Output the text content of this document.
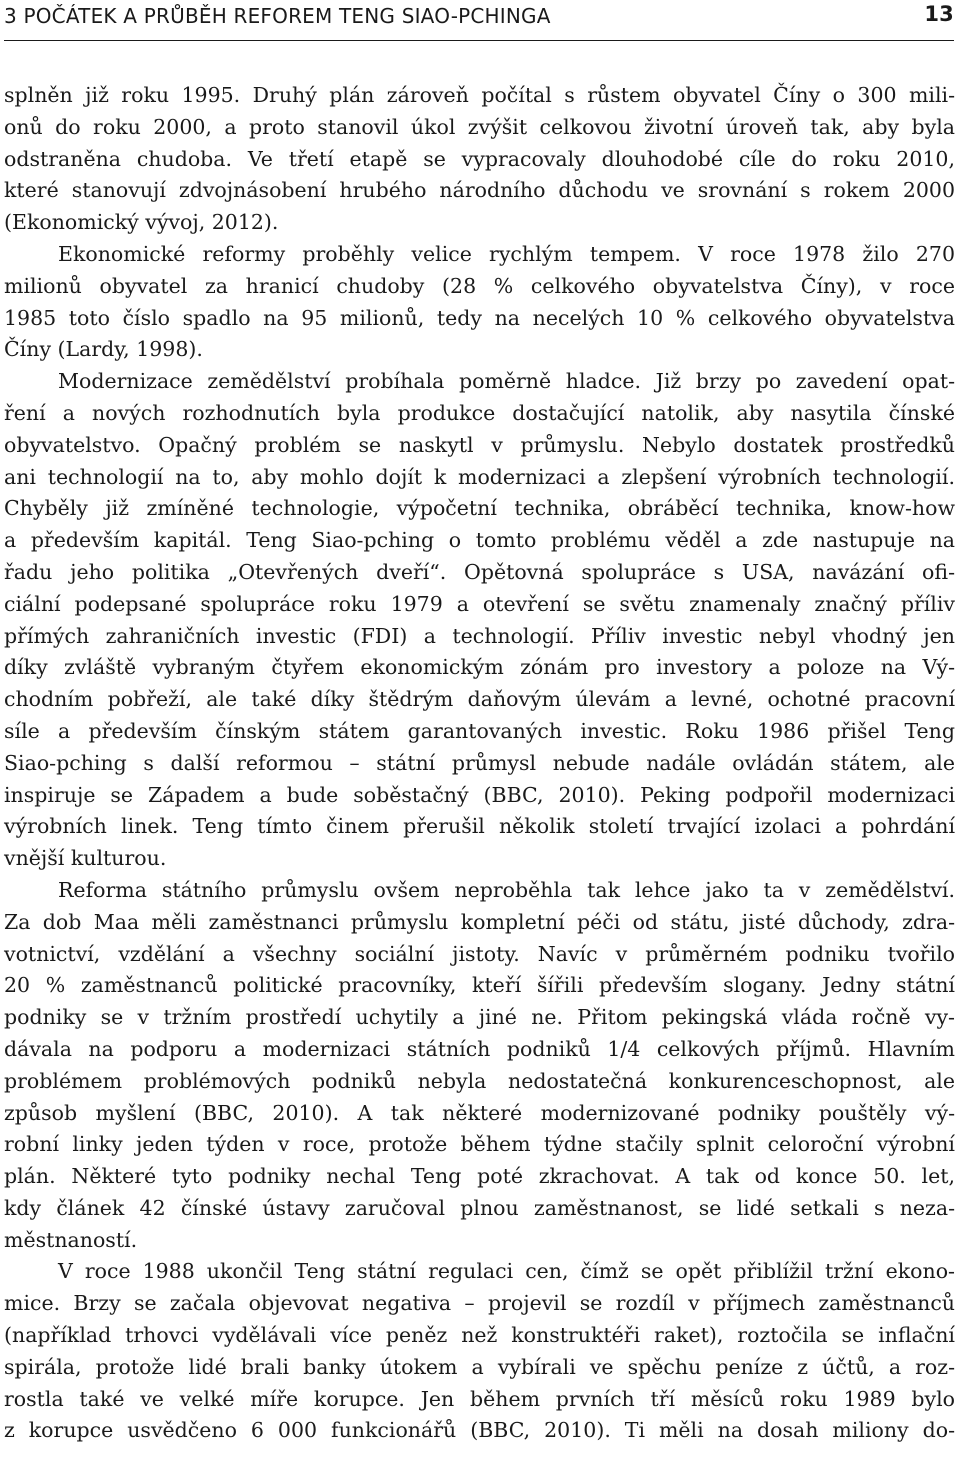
3 POČÁTEK A PRŮBĚH REFOREM TENG SIAO-PCHINGA	13
splněn již roku 1995. Druhý plán zároveň počítal s růstem obyvatel Číny o 300 mili-
onů do roku 2000, a proto stanovil úkol zvýšit celkovou životní úroveň tak, aby byla
odstraněna chudoba. Ve třetí etapě se vypracovaly dlouhodobé cíle do roku 2010,
které stanovují zdvojnásobení hrubého národního důchodu ve srovnání s rokem 2000
(Ekonomický vývoj, 2012).
Ekonomické reformy proběhly velice rychlým tempem. V roce 1978 žilo 270
milionů obyvatel za hranicí chudoby (28 % celkového obyvatelstva Číny), v roce
1985 toto číslo spadlo na 95 milionů, tedy na necelých 10 % celkového obyvatelstva
Číny (Lardy, 1998).
Modernizace zemědělství probíhala poměrně hladce. Již brzy po zavedení opat-
ření a nových rozhodnutích byla produkce dostačující natolik, aby nasytila čínské
obyvatelstvo. Opačný problém se naskytl v průmyslu. Nebylo dostatek prostředků
ani technologií na to, aby mohlo dojít k modernizaci a zlepšení výrobních technologií.
Chyběly již zmíněné technologie, výpočetní technika, obráběcí technika, know-how
a především kapitál. Teng Siao-pching o tomto problému věděl a zde nastupuje na
řadu jeho politika „Otevřených dveří“. Opětovná spolupráce s USA, navázání ofi-
ciální podepsané spolupráce roku 1979 a otevření se světu znamenaly značný příliv
přímých zahraničních investic (FDI) a technologií. Příliv investic nebyl vhodný jen
díky zvláště vybraným čtyřem ekonomickým zónám pro investory a poloze na Vý-
chodním pobřeží, ale také díky štědrým daňovým úlevám a levné, ochotné pracovní
síle a především čínským státem garantovaných investic. Roku 1986 přišel Teng
Siao-pching s další reformou – státní průmysl nebude nadále ovládán státem, ale
inspiruje se Západem a bude soběstačný (BBC, 2010). Peking podpořil modernizaci
výrobních linek. Teng tímto činem přerušil několik století trvající izolaci a pohrdání
vnější kulturou.
Reforma státního průmyslu ovšem neproběhla tak lehce jako ta v zemědělství.
Za dob Maa měli zaměstnanci průmyslu kompletní péči od státu, jisté důchody, zdra-
votnictví, vzdělání a všechny sociální jistoty. Navíc v průměrném podniku tvořilo
20 % zaměstnanců politické pracovníky, kteří šířili především slogany. Jedny státní
podniky se v tržním prostředí uchytily a jiné ne. Přitom pekingská vláda ročně vy-
dávala na podporu a modernizaci státních podniků 1/4 celkových příjmů. Hlavním
problémem problémových podniků nebyla nedostatečná konkurenceschopnost, ale
způsob myšlení (BBC, 2010). A tak některé modernizované podniky pouštěly vý-
robní linky jeden týden v roce, protože během týdne stačily splnit celoroční výrobní
plán. Některé tyto podniky nechal Teng poté zkrachovat. A tak od konce 50. let,
kdy článek 42 čínské ústavy zaručoval plnou zaměstnanost, se lidé setkali s neza-
městnaností.
V roce 1988 ukončil Teng státní regulaci cen, čímž se opět přiblížil tržní ekono-
mice. Brzy se začala objevovat negativa – projevil se rozdíl v příjmech zaměstnanců
(například trhovci vydělávali více peněz než konstruktéři raket), roztočila se inflační
spirála, protože lidé brali banky útokem a vybírali ve spěchu peníze z účtů, a roz-
rostla také ve velké míře korupce. Jen během prvních tří měsíců roku 1989 bylo
z korupce usvědčeno 6 000 funkcionářů (BBC, 2010). Ti měli na dosah miliony do-
